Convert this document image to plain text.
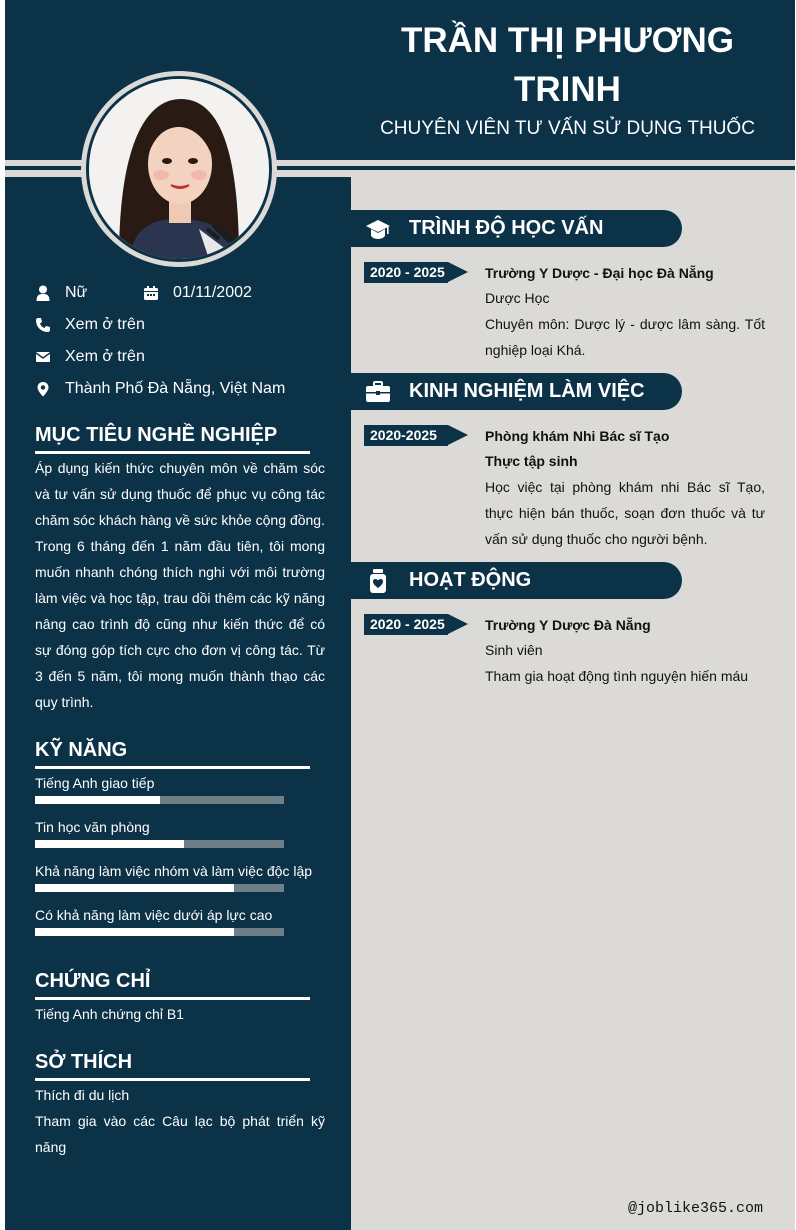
TRẦN THỊ PHƯƠNG
TRINH
CHUYÊN VIÊN TƯ VẤN SỬ DỤNG THUỐC
Nữ	01/11/2002
Xem ở trên
Xem ở trên
Thành Phố Đà Nẵng, Việt Nam
MỤC TIÊU NGHỀ NGHIỆP
Áp dụng kiến thức chuyên môn về chăm sóc và tư vấn sử dụng thuốc để phục vụ công tác chăm sóc khách hàng về sức khỏe cộng đồng. Trong 6 tháng đến 1 năm đầu tiên, tôi mong muốn nhanh chóng thích nghi với môi trường làm việc và học tập, trau dồi thêm các kỹ năng nâng cao trình độ cũng như kiến thức để có sự đóng góp tích cực cho đơn vị công tác. Từ 3 đến 5 năm, tôi mong muốn thành thạo các quy trình.
KỸ NĂNG
Tiếng Anh giao tiếp
Tin học văn phòng
Khả năng làm việc nhóm và làm việc độc lập
Có khả năng làm việc dưới áp lực cao
CHỨNG CHỈ
Tiếng Anh chứng chỉ B1
SỞ THÍCH
Thích đi du lịch
Tham gia vào các Câu lạc bộ phát triển kỹ năng
TRÌNH ĐỘ HỌC VẤN
2020 - 2025	Trường Y Dược - Đại học Đà Nẵng
Dược Học
Chuyên môn: Dược lý - dược lâm sàng. Tốt nghiệp loại Khá.
KINH NGHIỆM LÀM VIỆC
2020-2025	Phòng khám Nhi Bác sĩ Tạo
Thực tập sinh
Học việc tại phòng khám nhi Bác sĩ Tạo, thực hiện bán thuốc, soạn đơn thuốc và tư vấn sử dụng thuốc cho người bệnh.
HOẠT ĐỘNG
2020 - 2025	Trường Y Dược Đà Nẵng
Sinh viên
Tham gia hoạt động tình nguyện hiến máu
@joblike365.com
